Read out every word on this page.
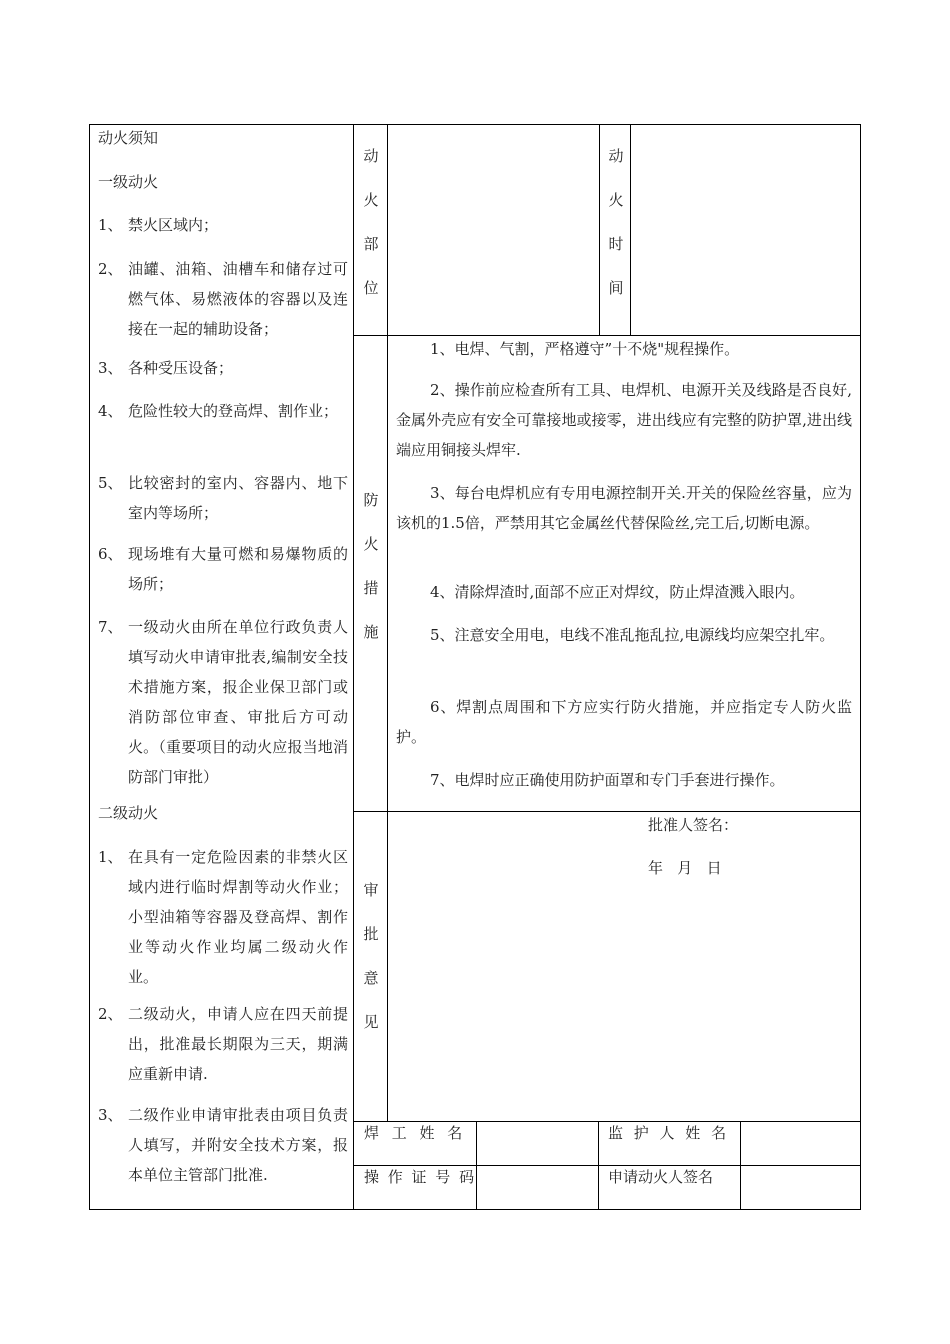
动火须知
一级动火
1、 禁火区域内；
2、 油罐、油箱、油槽车和储存过可燃气体、易燃液体的容器以及连接在一起的辅助设备；
3、 各种受压设备；
4、 危险性较大的登高焊、割作业；
5、 比较密封的室内、容器内、地下室内等场所；
6、 现场堆有大量可燃和易爆物质的场所；
7、 一级动火由所在单位行政负责人填写动火申请审批表,编制安全技术措施方案，报企业保卫部门或消防部位审查、审批后方可动火。（重要项目的动火应报当地消防部门审批）
二级动火
1、 在具有一定危险因素的非禁火区域内进行临时焊割等动火作业；小型油箱等容器及登高焊、割作业等动火作业均属二级动火作业。
2、 二级动火，申请人应在四天前提出，批准最长期限为三天，期满应重新申请.
3、 二级作业申请审批表由项目负责人填写，并附安全技术方案，报本单位主管部门批准.
动
火
部
位
动
火
时
间
防
火
措
施
1、电焊、气割，严格遵守”十不烧"规程操作。
2、操作前应检查所有工具、电焊机、电源开关及线路是否良好,金属外壳应有安全可靠接地或接零，进出线应有完整的防护罩,进出线端应用铜接头焊牢.
3、每台电焊机应有专用电源控制开关.开关的保险丝容量，应为该机的1.5倍，严禁用其它金属丝代替保险丝,完工后,切断电源。
4、清除焊渣时,面部不应正对焊纹，防止焊渣溅入眼内。
5、注意安全用电，电线不准乱拖乱拉,电源线均应架空扎牢。
6、焊割点周围和下方应实行防火措施，并应指定专人防火监护。
7、电焊时应正确使用防护面罩和专门手套进行操作。
审
批
意
见
批准人签名：
年   月   日
焊 工 姓 名	监 护 人 姓 名
操 作 证 号 码	申请动火人签名
